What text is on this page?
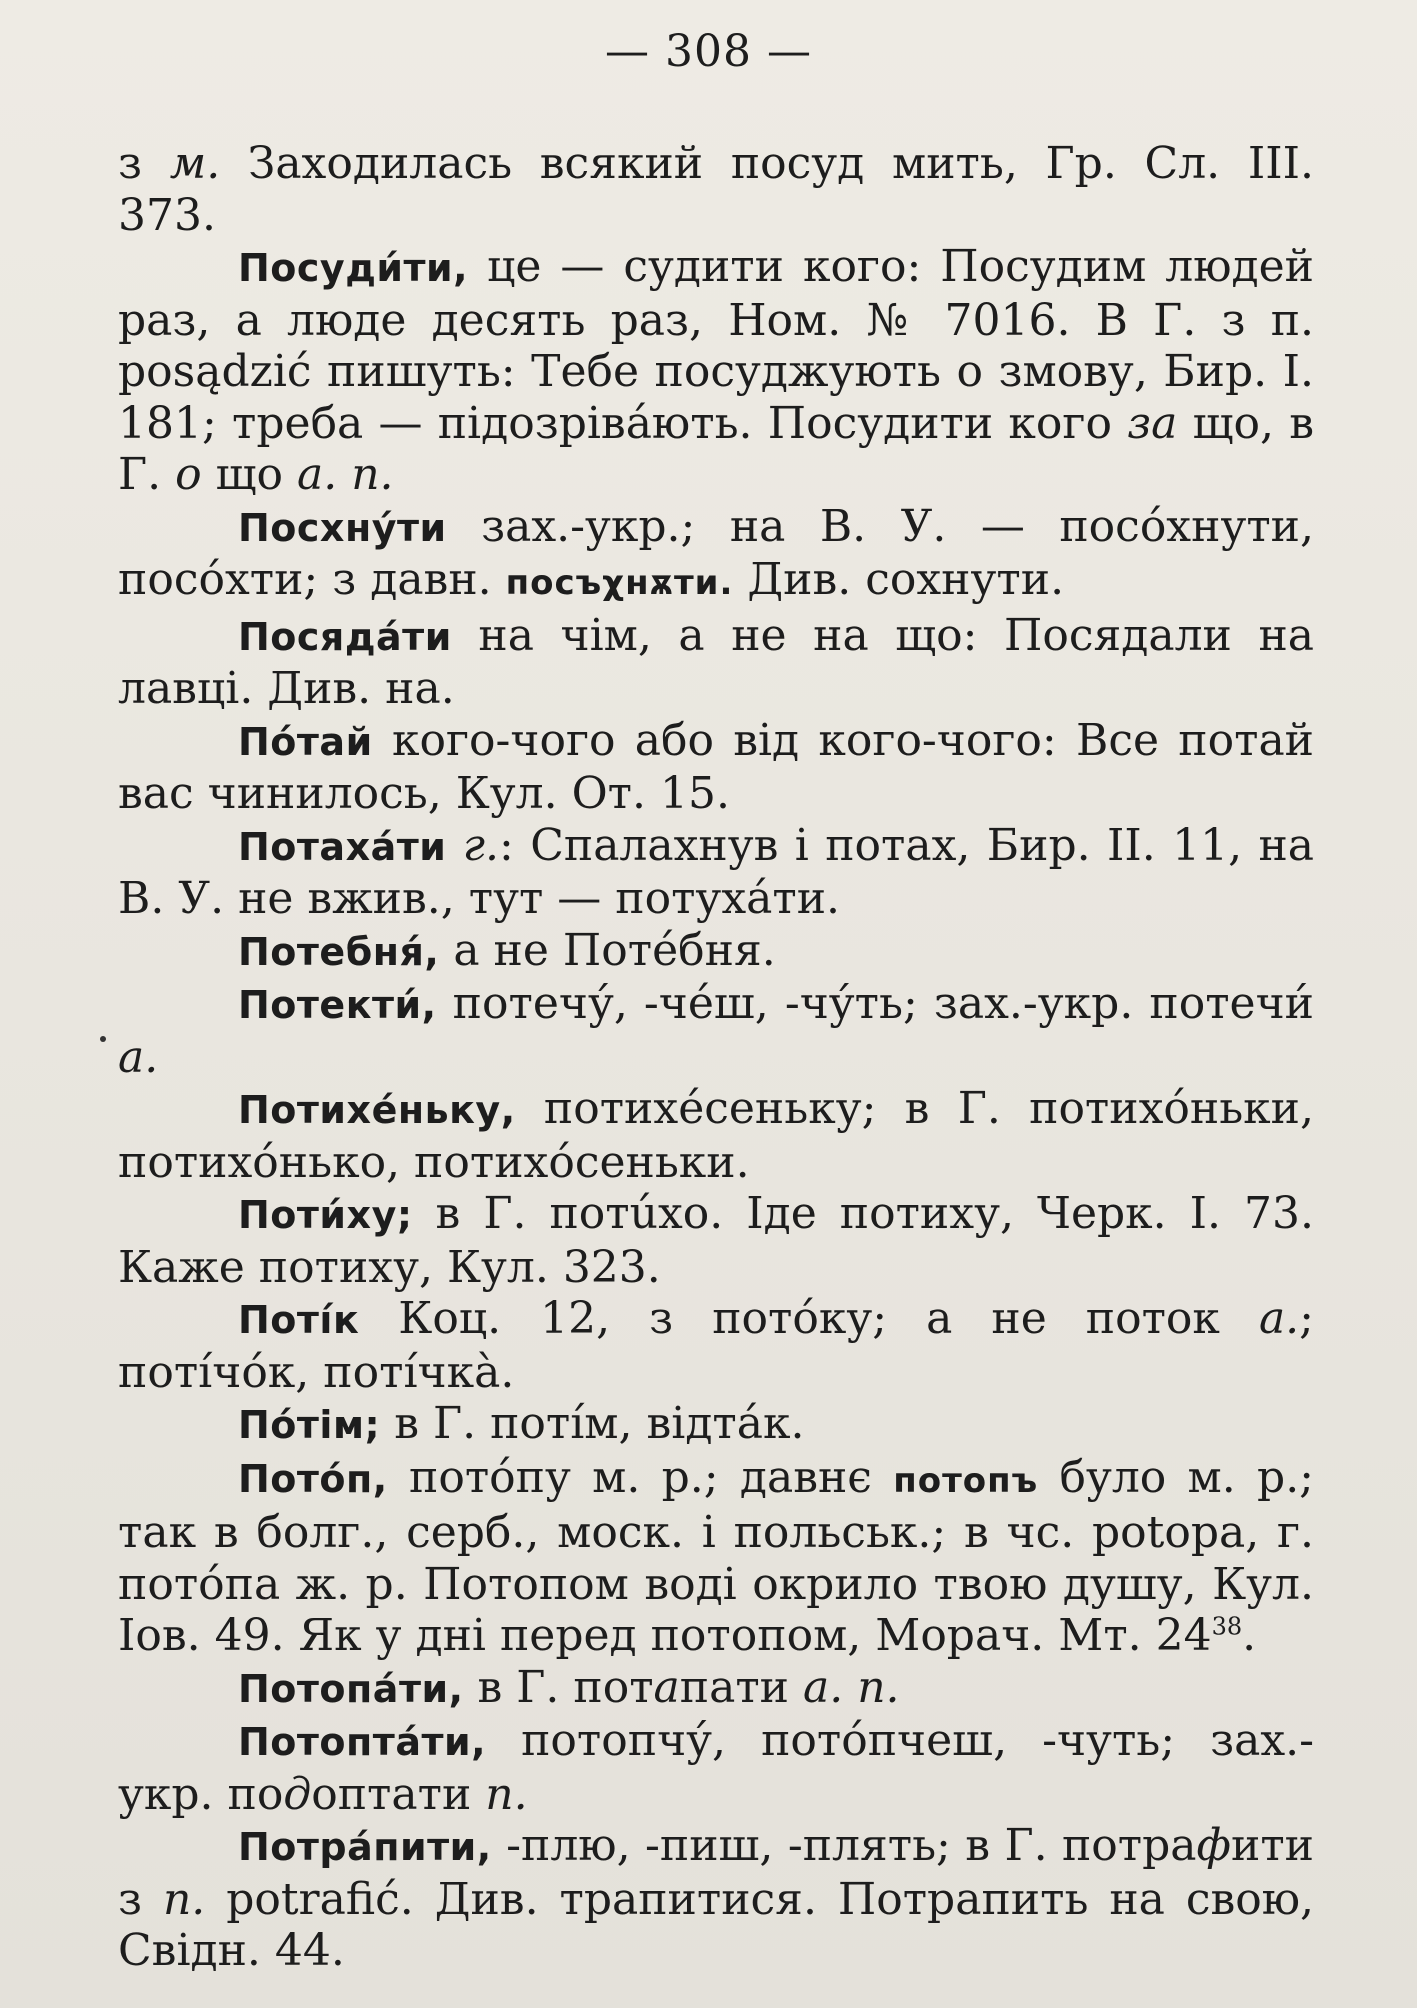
— 308 —

з м. Заходилась всякий посуд мить, Гр. Сл. III. 373.

Посуди́ти, це — судити кого: Посудим людей раз, а люде десять раз, Ном. № 7016. В Г. з п. posądzić пишуть: Тебе посуджують о змову, Бир. I. 181; треба — підозрівáють. Посудити кого за що, в Г. о що а. п.

Посхну́ти зах.-укр.; на В. У. — посóхнути, посóхти; з давн. посъχнѫти. Див. сохнути.

Посяда́ти на чім, а не на що: Посядали на лавці. Див. на.

По́тай кого-чого або від кого-чого: Все потай вас чинилось, Кул. От. 15.

Потаха́ти г.: Спалахнув і потах, Бир. II. 11, на В. У. не вжив., тут — потухáти.

Потебня́, а не Потéбня.

Потекти́, потечу́, -чéш, -чу́ть; зах.-укр. потечи́ а.

Потихе́ньку, потихéсеньку; в Г. потихóньки, потихóнько, потихóсеньки.

Поти́ху; в Г. потúхо. Іде потиху, Черк. I. 73. Каже потиху, Кул. 323.

Поті́к Коц. 12, з потóку; а не поток а.; потíчóк, потíчкà.

По́тім; в Г. потíм, відтáк.

Пото́п, потóпу м. р.; давнє потопъ було м. р.; так в болг., серб., моск. і польськ.; в чс. potopa, г. потóпа ж. р. Потопом воді окрило твою душу, Кул. Іов. 49. Як у дні перед потопом, Морач. Мт. $24^{38}$.

Потопа́ти, в Г. потапати а. п.

Потопта́ти, потопчу́, потóпчеш, -чуть; зах.-укр. подоптати п.

Потра́пити, -плю, -пиш, -плять; в Г. потрафити з п. potrafić. Див. трапитися. Потрапить на свою, Свідн. 44.
